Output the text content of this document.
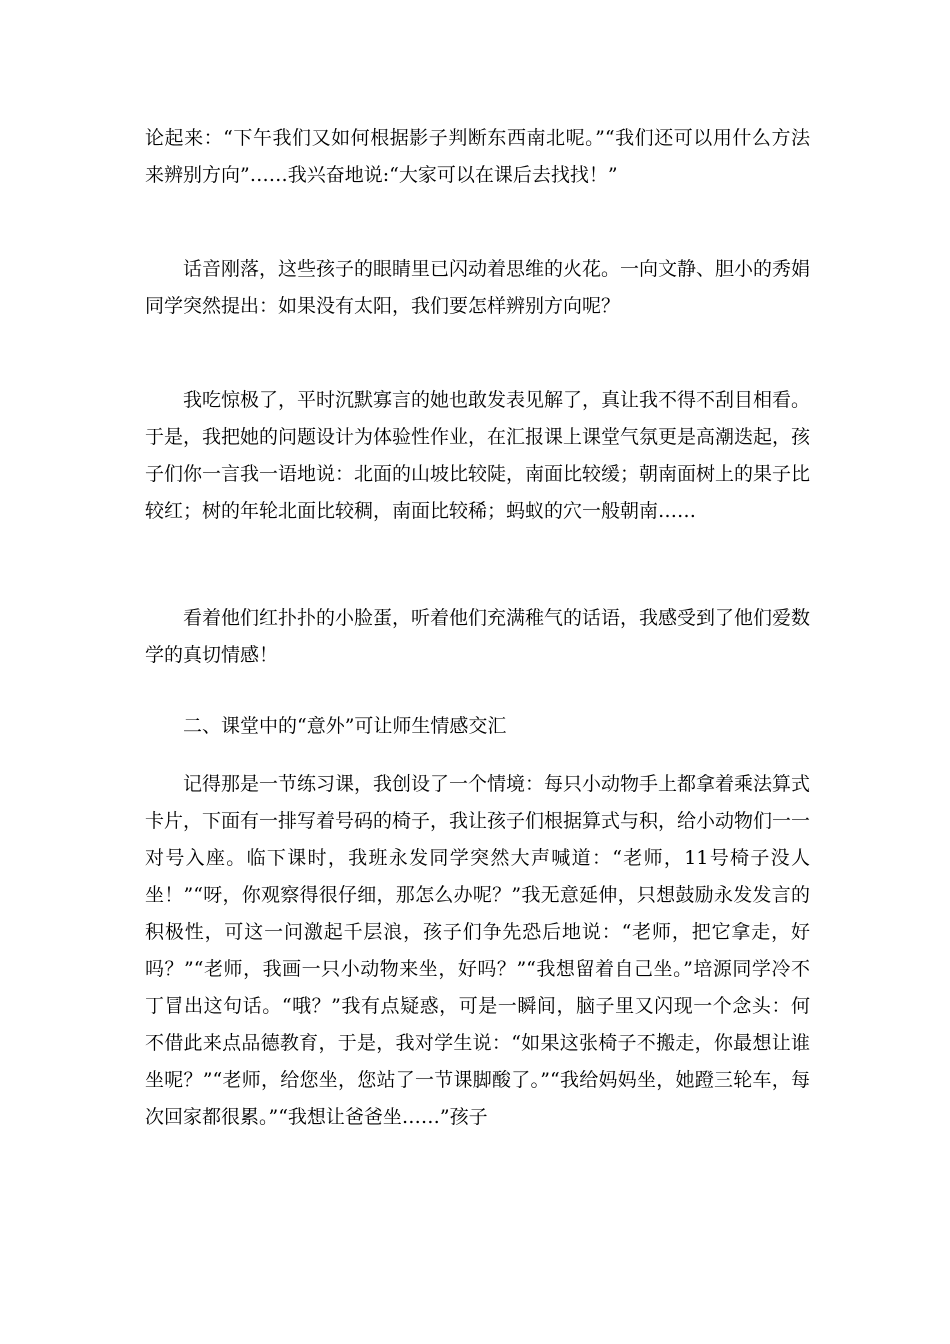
论起来：“下午我们又如何根据影子判断东西南北呢。”“我们还可以用什么方法来辨别方向”……我兴奋地说:“大家可以在课后去找找！”

话音刚落，这些孩子的眼睛里已闪动着思维的火花。一向文静、胆小的秀娟同学突然提出：如果没有太阳，我们要怎样辨别方向呢？

我吃惊极了，平时沉默寡言的她也敢发表见解了，真让我不得不刮目相看。于是，我把她的问题设计为体验性作业，在汇报课上课堂气氛更是高潮迭起，孩子们你一言我一语地说：北面的山坡比较陡，南面比较缓；朝南面树上的果子比较红；树的年轮北面比较稠，南面比较稀；蚂蚁的穴一般朝南……

看着他们红扑扑的小脸蛋，听着他们充满稚气的话语，我感受到了他们爱数学的真切情感！

二、课堂中的“意外”可让师生情感交汇

记得那是一节练习课，我创设了一个情境：每只小动物手上都拿着乘法算式卡片，下面有一排写着号码的椅子，我让孩子们根据算式与积，给小动物们一一对号入座。临下课时，我班永发同学突然大声喊道：“老师，11号椅子没人坐！”“呀，你观察得很仔细，那怎么办呢？”我无意延伸，只想鼓励永发发言的积极性，可这一问激起千层浪，孩子们争先恐后地说：“老师，把它拿走，好吗？”“老师，我画一只小动物来坐，好吗？”“我想留着自己坐。”培源同学冷不丁冒出这句话。“哦？”我有点疑惑，可是一瞬间，脑子里又闪现一个念头：何不借此来点品德教育，于是，我对学生说：“如果这张椅子不搬走，你最想让谁坐呢？”“老师，给您坐，您站了一节课脚酸了。”“我给妈妈坐，她蹬三轮车，每次回家都很累。”“我想让爸爸坐……”孩子
